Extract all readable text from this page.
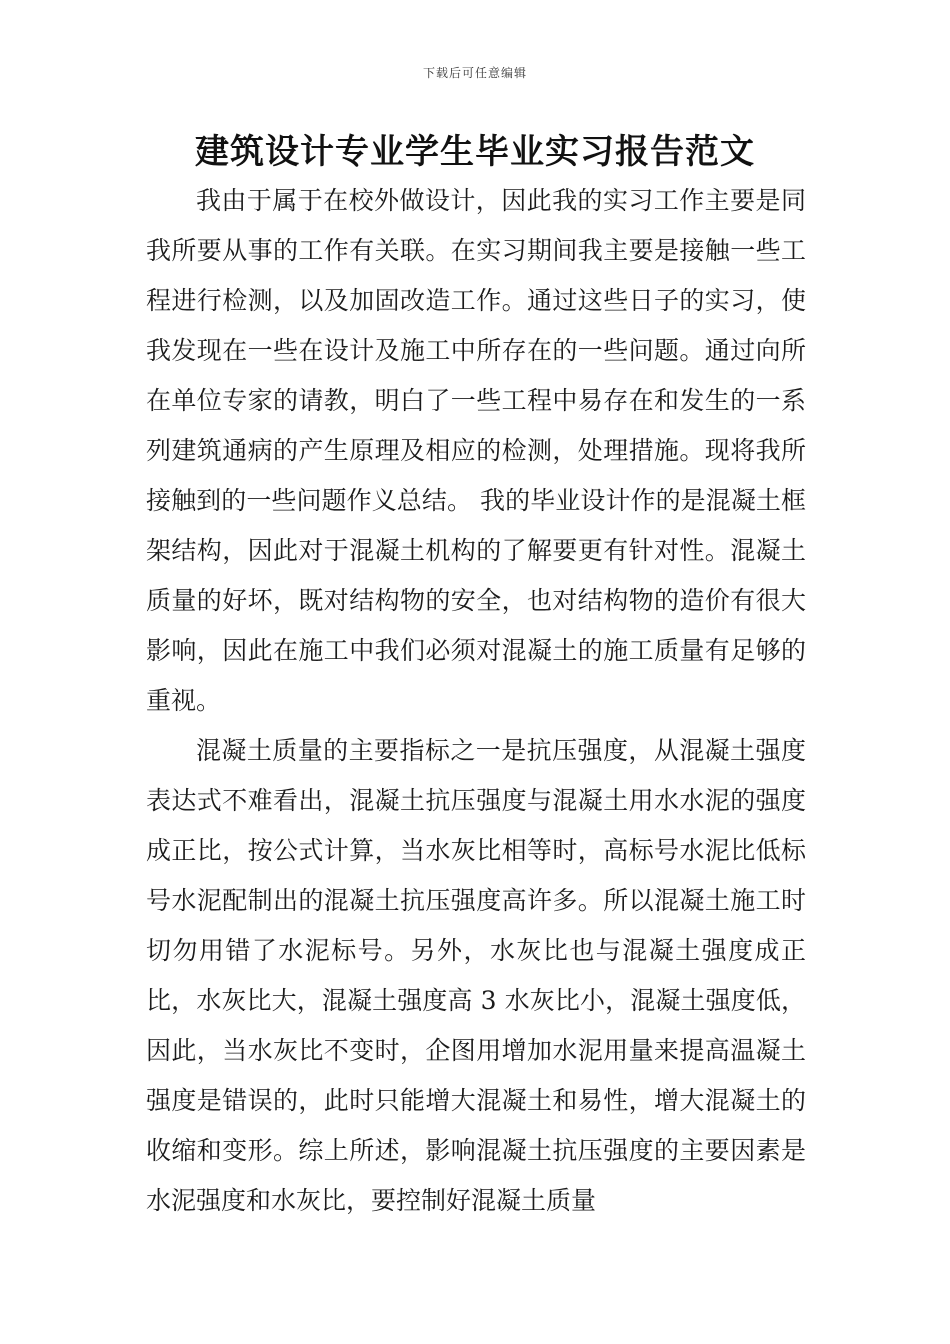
下载后可任意编辑
建筑设计专业学生毕业实习报告范文

我由于属于在校外做设计，因此我的实习工作主要是同我所要从事的工作有关联。在实习期间我主要是接触一些工程进行检测，以及加固改造工作。通过这些日子的实习，使我发现在一些在设计及施工中所存在的一些问题。通过向所在单位专家的请教，明白了一些工程中易存在和发生的一系列建筑通病的产生原理及相应的检测，处理措施。现将我所接触到的一些问题作义总结。 我的毕业设计作的是混凝土框架结构，因此对于混凝土机构的了解要更有针对性。混凝土质量的好坏，既对结构物的安全，也对结构物的造价有很大影响，因此在施工中我们必须对混凝土的施工质量有足够的重视。

混凝土质量的主要指标之一是抗压强度，从混凝土强度表达式不难看出，混凝土抗压强度与混凝土用水水泥的强度成正比，按公式计算，当水灰比相等时，高标号水泥比低标号水泥配制出的混凝土抗压强度高许多。所以混凝土施工时切勿用错了水泥标号。另外，水灰比也与混凝土强度成正比，水灰比大，混凝土强度高 3 水灰比小，混凝土强度低，因此，当水灰比不变时，企图用增加水泥用量来提高温凝土强度是错误的，此时只能增大混凝土和易性，增大混凝土的收缩和变形。综上所述，影响混凝土抗压强度的主要因素是水泥强度和水灰比，要控制好混凝土质量
